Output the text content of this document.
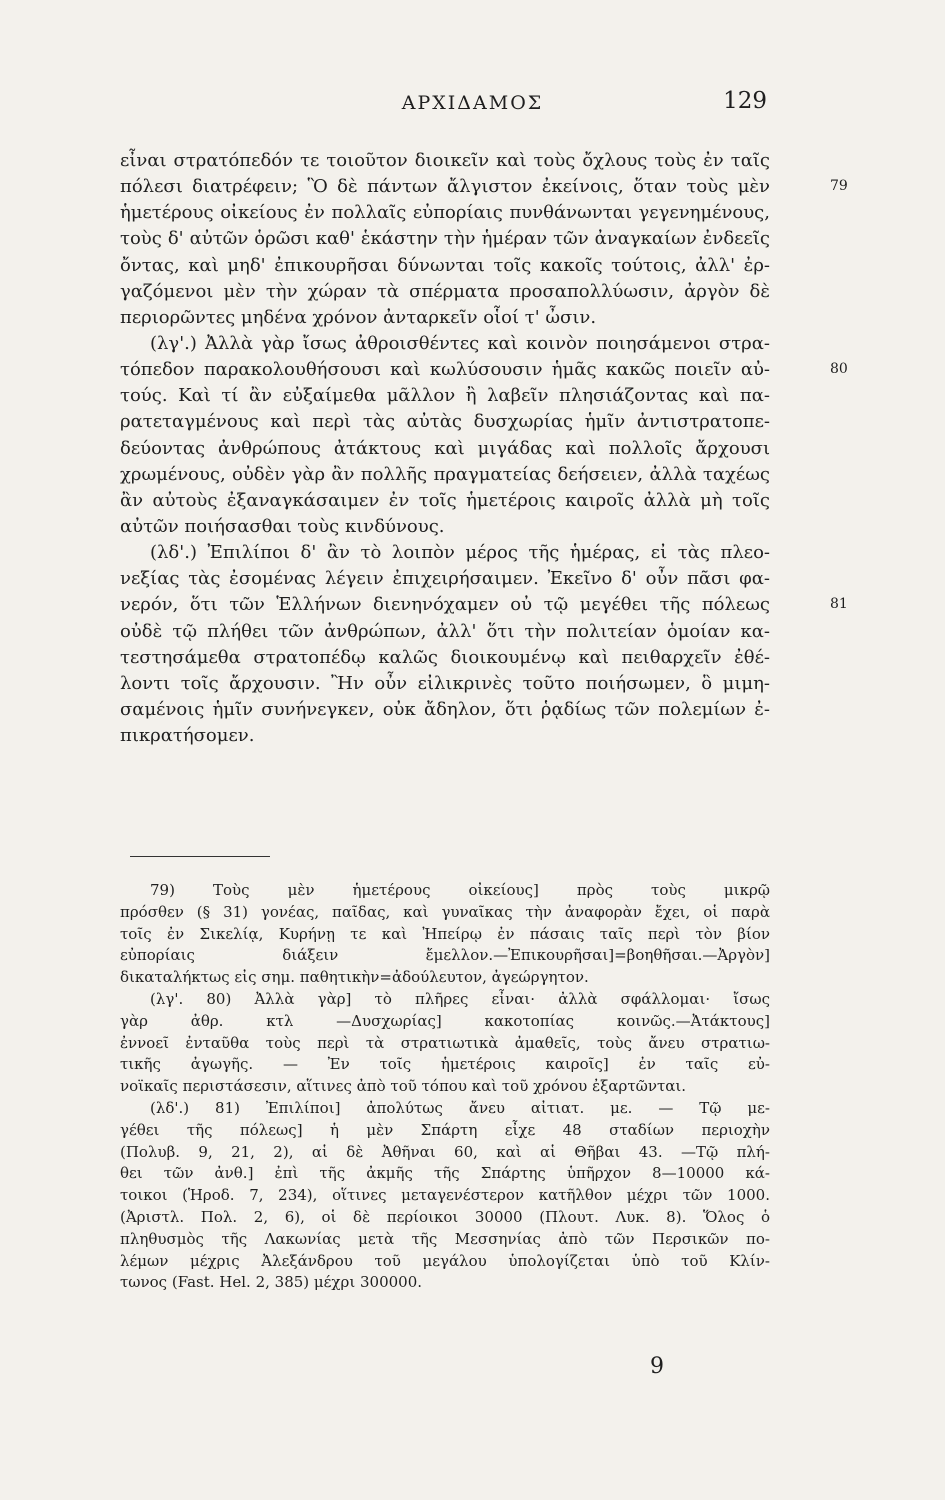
ΑΡΧΙΔΑΜΟΣ	129
εἶναι στρατόπεδόν τε τοιοῦτον διοικεῖν καὶ τοὺς ὄχλους τοὺς ἐν ταῖς
πόλεσι διατρέφειν; Ὃ δὲ πάντων ἄλγιστον ἐκείνοις, ὅταν τοὺς μὲν
ἡμετέρους οἰκείους ἐν πολλαῖς εὐπορίαις πυνθάνωνται γεγενημένους,
τοὺς δ' αὐτῶν ὁρῶσι καθ' ἑκάστην τὴν ἡμέραν τῶν ἀναγκαίων ἐνδεεῖς
ὄντας, καὶ μηδ' ἐπικουρῆσαι δύνωνται τοῖς κακοῖς τούτοις, ἀλλ' ἐρ-
γαζόμενοι μὲν τὴν χώραν τὰ σπέρματα προσαπολλύωσιν, ἀργὸν δὲ
περιορῶντες μηδένα χρόνον ἀνταρκεῖν οἷοί τ' ὦσιν.
(λγ'.) Ἀλλὰ γὰρ ἴσως ἀθροισθέντες καὶ κοινὸν ποιησάμενοι στρα-
τόπεδον παρακολουθήσουσι καὶ κωλύσουσιν ἡμᾶς κακῶς ποιεῖν αὐ-
τούς. Καὶ τί ἂν εὐξαίμεθα μᾶλλον ἢ λαβεῖν πλησιάζοντας καὶ πα-
ρατεταγμένους καὶ περὶ τὰς αὐτὰς δυσχωρίας ἡμῖν ἀντιστρατοπε-
δεύοντας ἀνθρώπους ἀτάκτους καὶ μιγάδας καὶ πολλοῖς ἄρχουσι
χρωμένους, οὐδὲν γὰρ ἂν πολλῆς πραγματείας δεήσειεν, ἀλλὰ ταχέως
ἂν αὐτοὺς ἐξαναγκάσαιμεν ἐν τοῖς ἡμετέροις καιροῖς ἀλλὰ μὴ τοῖς
αὐτῶν ποιήσασθαι τοὺς κινδύνους.
(λδ'.) Ἐπιλίποι δ' ἂν τὸ λοιπὸν μέρος τῆς ἡμέρας, εἰ τὰς πλεο-
νεξίας τὰς ἐσομένας λέγειν ἐπιχειρήσαιμεν. Ἐκεῖνο δ' οὖν πᾶσι φα-
νερόν, ὅτι τῶν Ἑλλήνων διενηνόχαμεν οὐ τῷ μεγέθει τῆς πόλεως
οὐδὲ τῷ πλήθει τῶν ἀνθρώπων, ἀλλ' ὅτι τὴν πολιτείαν ὁμοίαν κα-
τεστησάμεθα στρατοπέδῳ καλῶς διοικουμένῳ καὶ πειθαρχεῖν ἐθέ-
λοντι τοῖς ἄρχουσιν. Ἢν οὖν εἰλικρινὲς τοῦτο ποιήσωμεν, ὃ μιμη-
σαμένοις ἡμῖν συνήνεγκεν, οὐκ ἄδηλον, ὅτι ῥᾳδίως τῶν πολεμίων ἐ-
πικρατήσομεν.
79
80
81
79) Τοὺς μὲν ἡμετέρους οἰκείους] πρὸς τοὺς μικρῷ
πρόσθεν (§ 31) γονέας, παῖδας, καὶ γυναῖκας τὴν ἀναφορὰν ἔχει, οἱ παρὰ
τοῖς ἐν Σικελίᾳ, Κυρήνῃ τε καὶ Ἠπείρῳ ἐν πάσαις ταῖς περὶ τὸν βίον
εὐπορίαις διάξειν ἔμελλον.—Ἐπικουρῆσαι]=βοηθῆσαι.—Ἀργὸν]
δικαταλήκτως εἰς σημ. παθητικὴν=ἀδούλευτον, ἀγεώργητον.
(λγ'. 80) Ἀλλὰ γὰρ] τὸ πλῆρες εἶναι· ἀλλὰ σφάλλομαι· ἴσως
γὰρ ἀθρ. κτλ —Δυσχωρίας] κακοτοπίας κοινῶς.—Ἀτάκτους]
ἐννοεῖ ἐνταῦθα τοὺς περὶ τὰ στρατιωτικὰ ἀμαθεῖς, τοὺς ἄνευ στρατιω-
τικῆς ἀγωγῆς. — Ἐν τοῖς ἡμετέροις καιροῖς] ἐν ταῖς εὐ-
νοϊκαῖς περιστάσεσιν, αἵτινες ἀπὸ τοῦ τόπου καὶ τοῦ χρόνου ἐξαρτῶνται.
(λδ'.) 81) Ἐπιλίποι] ἀπολύτως ἄνευ αἰτιατ. με. — Τῷ με-
γέθει τῆς πόλεως] ἡ μὲν Σπάρτη εἶχε 48 σταδίων περιοχὴν
(Πολυβ. 9, 21, 2), αἱ δὲ Ἀθῆναι 60, καὶ αἱ Θῆβαι 43. —Τῷ πλή-
θει τῶν ἀνθ.] ἐπὶ τῆς ἀκμῆς τῆς Σπάρτης ὑπῆρχον 8—10000 κά-
τοικοι (Ἡροδ. 7, 234), οἵτινες μεταγενέστερον κατῆλθον μέχρι τῶν 1000.
(Ἀριστλ. Πολ. 2, 6), οἱ δὲ περίοικοι 30000 (Πλουτ. Λυκ. 8). Ὅλος ὁ
πληθυσμὸς τῆς Λακωνίας μετὰ τῆς Μεσσηνίας ἀπὸ τῶν Περσικῶν πο-
λέμων μέχρις Ἀλεξάνδρου τοῦ μεγάλου ὑπολογίζεται ὑπὸ τοῦ Κλίν-
τωνος (Fast. Hel. 2, 385) μέχρι 300000.
9
